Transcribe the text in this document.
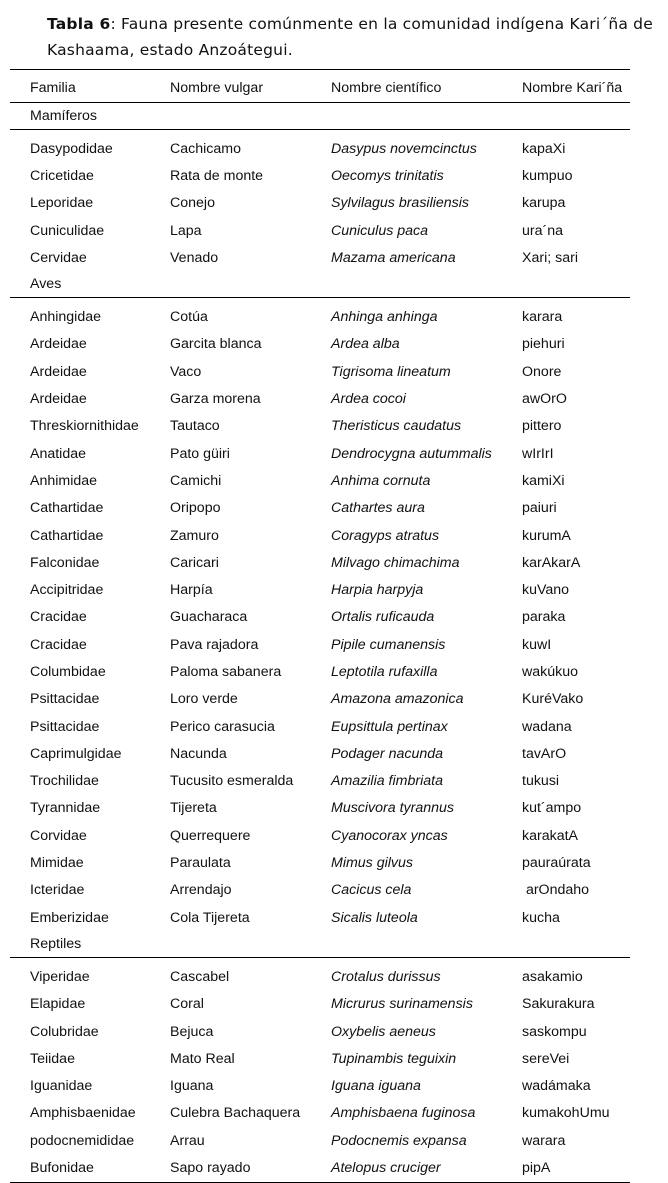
Tabla 6: Fauna presente comúnmente en la comunidad indígena Kari´ña de Kashaama, estado Anzoátegui.
Familia	Nombre vulgar	Nombre científico	Nombre Kari´ña
Mamíferos			
Dasypodidae	Cachicamo	Dasypus novemcinctus	kapaXi
Cricetidae	Rata de monte	Oecomys trinitatis	kumpuo
Leporidae	Conejo	Sylvilagus brasiliensis	karupa
Cuniculidae	Lapa	Cuniculus paca	ura´na
Cervidae	Venado	Mazama americana	Xari; sari
Aves			
Anhingidae	Cotúa	Anhinga anhinga	karara
Ardeidae	Garcita blanca	Ardea alba	piehuri
Ardeidae	Vaco	Tigrisoma lineatum	Onore
Ardeidae	Garza morena	Ardea cocoi	awOrO
Threskiornithidae	Tautaco	Theristicus caudatus	pittero
Anatidae	Pato güiri	Dendrocygna autummalis	wIrIrI
Anhimidae	Camichi	Anhima cornuta	kamiXi
Cathartidae	Oripopo	Cathartes aura	paiuri
Cathartidae	Zamuro	Coragyps atratus	kurumA
Falconidae	Caricari	Milvago chimachima	karAkarA
Accipitridae	Harpía	Harpia harpyja	kuVano
Cracidae	Guacharaca	Ortalis ruficauda	paraka
Cracidae	Pava rajadora	Pipile cumanensis	kuwI
Columbidae	Paloma sabanera	Leptotila rufaxilla	wakúkuo
Psittacidae	Loro verde	Amazona amazonica	KuréVako
Psittacidae	Perico carasucia	Eupsittula pertinax	wadana
Caprimulgidae	Nacunda	Podager nacunda	tavArO
Trochilidae	Tucusito esmeralda	Amazilia fimbriata	tukusi
Tyrannidae	Tijereta	Muscivora tyrannus	kut´ampo
Corvidae	Querrequere	Cyanocorax yncas	karakatA
Mimidae	Paraulata	Mimus gilvus	pauraúrata
Icteridae	Arrendajo	Cacicus cela	arOndaho
Emberizidae	Cola Tijereta	Sicalis luteola	kucha
Reptiles			
Viperidae	Cascabel	Crotalus durissus	asakamio
Elapidae	Coral	Micrurus surinamensis	Sakurakura
Colubridae	Bejuca	Oxybelis aeneus	saskompu
Teiidae	Mato Real	Tupinambis teguixin	sereVei
Iguanidae	Iguana	Iguana iguana	wadámaka
Amphisbaenidae	Culebra Bachaquera	Amphisbaena fuginosa	kumakohUmu
podocnemididae	Arrau	Podocnemis expansa	warara
Bufonidae	Sapo rayado	Atelopus cruciger	pipA
